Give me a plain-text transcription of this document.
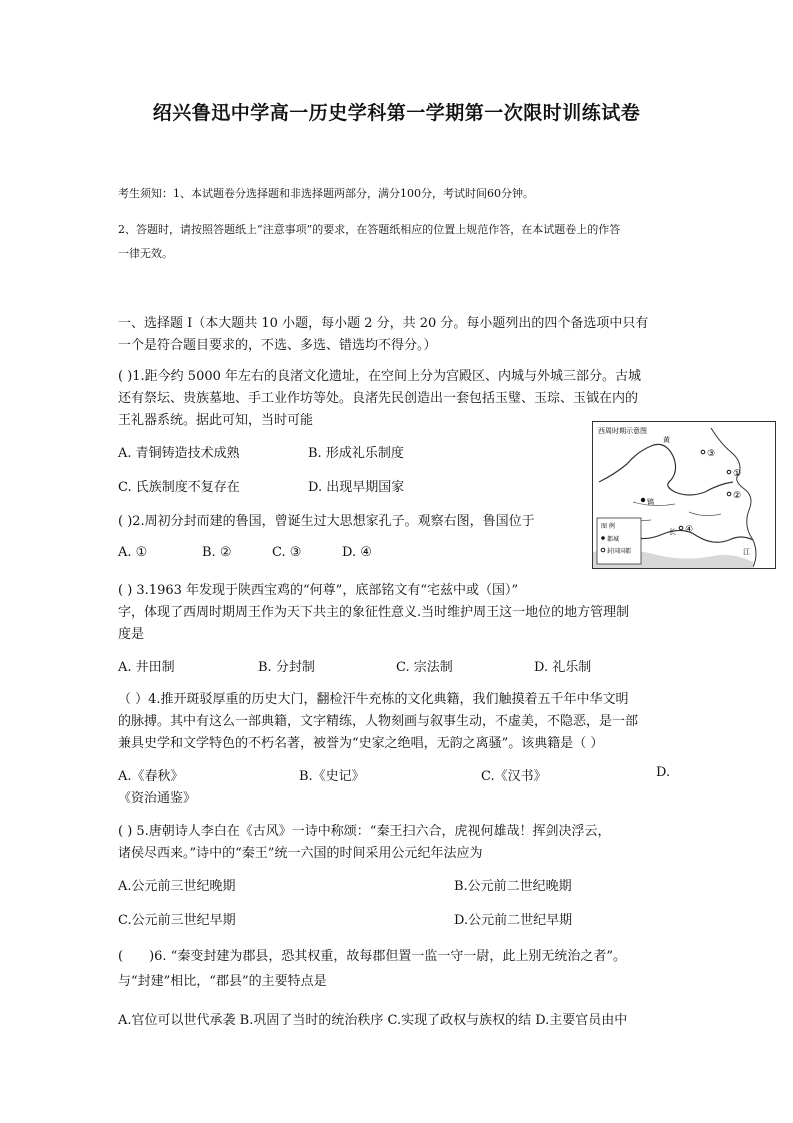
绍兴鲁迅中学高一历史学科第一学期第一次限时训练试卷
考生须知：1、本试题卷分选择题和非选择题两部分，满分100分，考试时间60分钟。
2、答题时，请按照答题纸上“注意事项”的要求，在答题纸相应的位置上规范作答，在本试题卷上的作答
一律无效。
一、选择题 I（本大题共 10 小题，每小题 2 分，共 20 分。每小题列出的四个备选项中只有
一个是符合题目要求的，不选、多选、错选均不得分。）
( )1.距今约 5000 年左右的良渚文化遗址，在空间上分为宫殿区、内城与外城三部分。古城
还有祭坛、贵族墓地、手工业作坊等处。良渚先民创造出一套包括玉璧、玉琮、玉钺在内的
王礼器系统。据此可知，当时可能
A. 青铜铸造技术成熟	B. 形成礼乐制度
C. 氏族制度不复存在	D. 出现早期国家
( )2.周初分封而建的鲁国，曾诞生过大思想家孔子。观察右图，鲁国位于
A. ①	B. ②	C. ③	D. ④
西周时期示意图
镐
①
②
③
④
长
江
黄
图 例
都城
封国国都
( ) 3.1963 年发现于陕西宝鸡的“何尊”，底部铭文有“宅兹中或（国）”
字，体现了西周时期周王作为天下共主的象征性意义.当时维护周王这一地位的地方管理制
度是
A. 井田制	B. 分封制	C. 宗法制	D. 礼乐制
（ ）4.推开斑驳厚重的历史大门，翻检汗牛充栋的文化典籍，我们触摸着五千年中华文明
的脉搏。其中有这么一部典籍，文字精练，人物刻画与叙事生动，不虚美，不隐恶，是一部
兼具史学和文学特色的不朽名著，被誉为“史家之绝唱，无韵之离骚”。该典籍是（ ）
A.《春秋》	B.《史记》	C.《汉书》	D.
《资治通鉴》
( ) 5.唐朝诗人李白在《古风》一诗中称颂：“秦王扫六合，虎视何雄哉！挥剑决浮云，
诸侯尽西来。”诗中的“秦王”统一六国的时间采用公元纪年法应为
A.公元前三世纪晚期	B.公元前二世纪晚期
C.公元前三世纪早期	D.公元前二世纪早期
(　　)6. “秦变封建为郡县，恐其权重，故每郡但置一监一守一尉，此上别无统治之者”。
与“封建”相比，“郡县”的主要特点是
A.官位可以世代承袭 B.巩固了当时的统治秩序 C.实现了政权与族权的结 D.主要官员由中
